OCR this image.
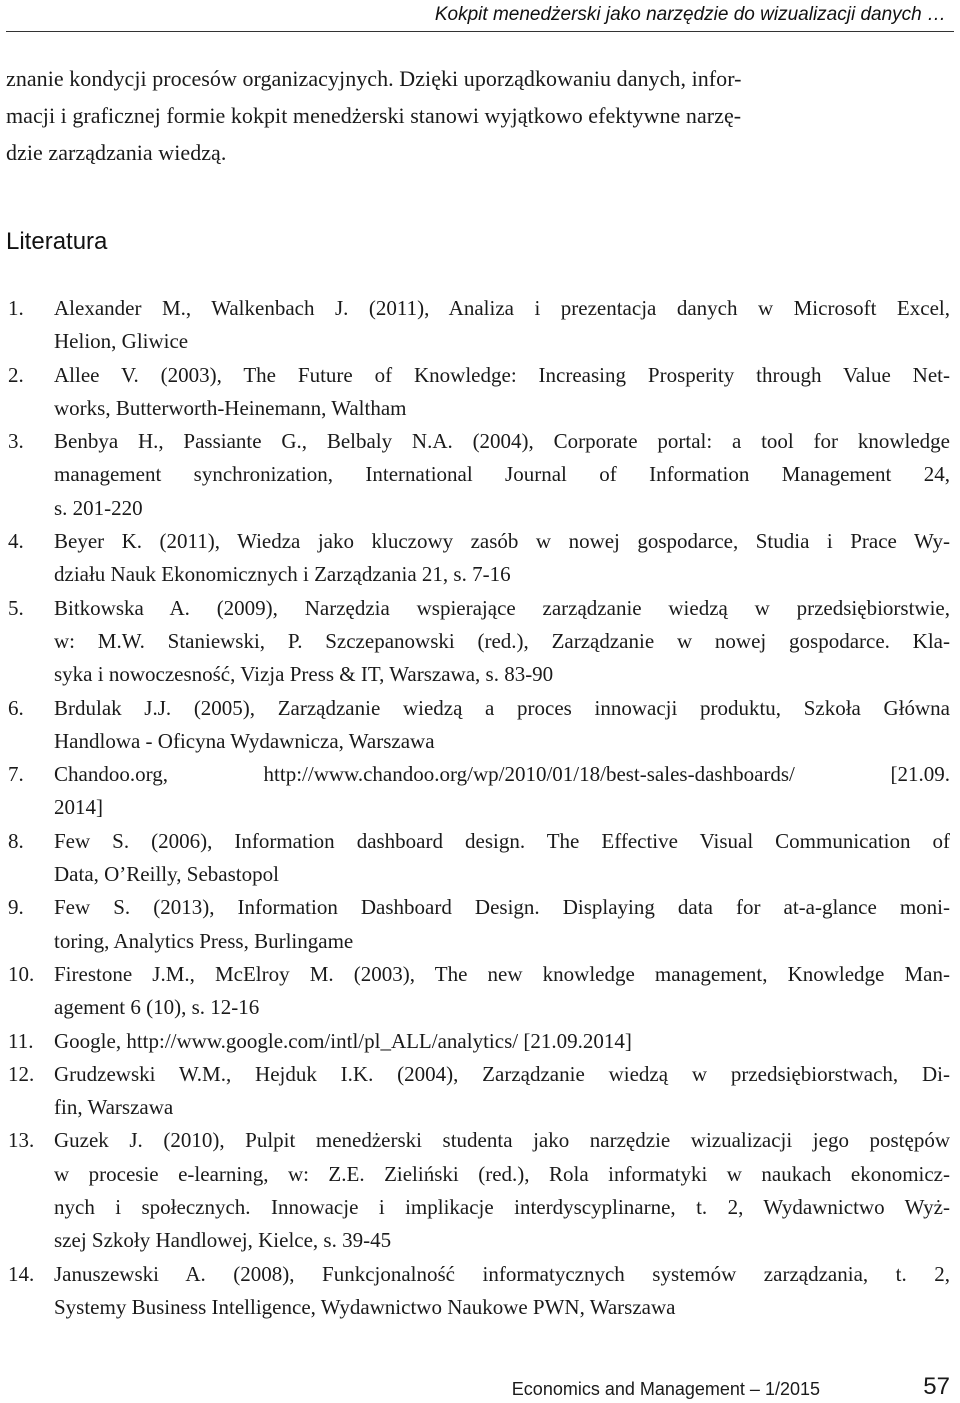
Kokpit menedżerski jako narzędzie do wizualizacji danych …
znanie kondycji procesów organizacyjnych. Dzięki uporządkowaniu danych, infor-
macji i graficznej formie kokpit menedżerski stanowi wyjątkowo efektywne narzę-
dzie zarządzania wiedzą.
Literatura
1. Alexander M., Walkenbach J. (2011), Analiza i prezentacja danych w Microsoft Excel,
Helion, Gliwice
2. Allee V. (2003), The Future of Knowledge: Increasing Prosperity through Value Net-
works, Butterworth-Heinemann, Waltham
3. Benbya H., Passiante G., Belbaly N.A. (2004), Corporate portal: a tool for knowledge
management synchronization, International Journal of Information Management 24,
s. 201-220
4. Beyer K. (2011), Wiedza jako kluczowy zasób w nowej gospodarce, Studia i Prace Wy-
działu Nauk Ekonomicznych i Zarządzania 21, s. 7-16
5. Bitkowska A. (2009), Narzędzia wspierające zarządzanie wiedzą w przedsiębiorstwie,
w: M.W. Staniewski, P. Szczepanowski (red.), Zarządzanie w nowej gospodarce. Kla-
syka i nowoczesność, Vizja Press & IT, Warszawa, s. 83-90
6. Brdulak J.J. (2005), Zarządzanie wiedzą a proces innowacji produktu, Szkoła Główna
Handlowa - Oficyna Wydawnicza, Warszawa
7. Chandoo.org, http://www.chandoo.org/wp/2010/01/18/best-sales-dashboards/ [21.09.
2014]
8. Few S. (2006), Information dashboard design. The Effective Visual Communication of
Data, O’Reilly, Sebastopol
9. Few S. (2013), Information Dashboard Design. Displaying data for at-a-glance moni-
toring, Analytics Press, Burlingame
10. Firestone J.M., McElroy M. (2003), The new knowledge management, Knowledge Man-
agement 6 (10), s. 12-16
11. Google, http://www.google.com/intl/pl_ALL/analytics/ [21.09.2014]
12. Grudzewski W.M., Hejduk I.K. (2004), Zarządzanie wiedzą w przedsiębiorstwach, Di-
fin, Warszawa
13. Guzek J. (2010), Pulpit menedżerski studenta jako narzędzie wizualizacji jego postępów
w procesie e-learning, w: Z.E. Zieliński (red.), Rola informatyki w naukach ekonomicz-
nych i społecznych. Innowacje i implikacje interdyscyplinarne, t. 2, Wydawnictwo Wyż-
szej Szkoły Handlowej, Kielce, s. 39-45
14. Januszewski A. (2008), Funkcjonalność informatycznych systemów zarządzania, t. 2,
Systemy Business Intelligence, Wydawnictwo Naukowe PWN, Warszawa
Economics and Management – 1/2015	57
